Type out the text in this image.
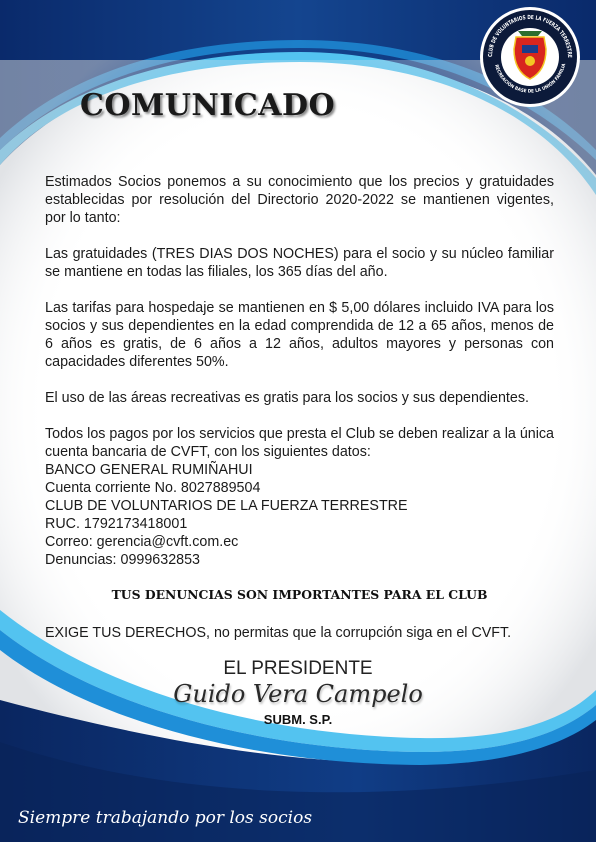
CLUB DE VOLUNTARIOS DE LA FUERZA TERRESTRE
RECREACIÓN BASE DE LA UNIÓN FAMILIA
COMUNICADO

Estimados Socios ponemos a su conocimiento que los precios y gratuidades establecidas por resolución del Directorio 2020-2022 se mantienen vigentes, por lo tanto:

Las gratuidades (TRES DIAS DOS NOCHES) para el socio y su núcleo familiar se mantiene en todas las filiales, los 365 días del año.

Las tarifas para hospedaje se mantienen en $ 5,00 dólares incluido IVA para los socios y sus dependientes en la edad comprendida de 12 a 65 años, menos de 6 años es gratis, de 6 años a 12 años, adultos mayores y personas con capacidades diferentes 50%.

El uso de las áreas recreativas es gratis para los socios y sus dependientes.

Todos los pagos por los servicios que presta el Club se deben realizar a la única cuenta bancaria de CVFT, con los siguientes datos:

BANCO GENERAL RUMIÑAHUI
Cuenta corriente No. 8027889504
CLUB DE VOLUNTARIOS DE LA FUERZA TERRESTRE
RUC. 1792173418001
Correo: gerencia@cvft.com.ec
Denuncias: 0999632853
TUS DENUNCIAS SON IMPORTANTES PARA EL CLUB
EXIGE TUS DERECHOS, no permitas que la corrupción siga en el CVFT.
EL PRESIDENTE
Guido Vera Campelo
SUBM. S.P.
Siempre trabajando por los socios
